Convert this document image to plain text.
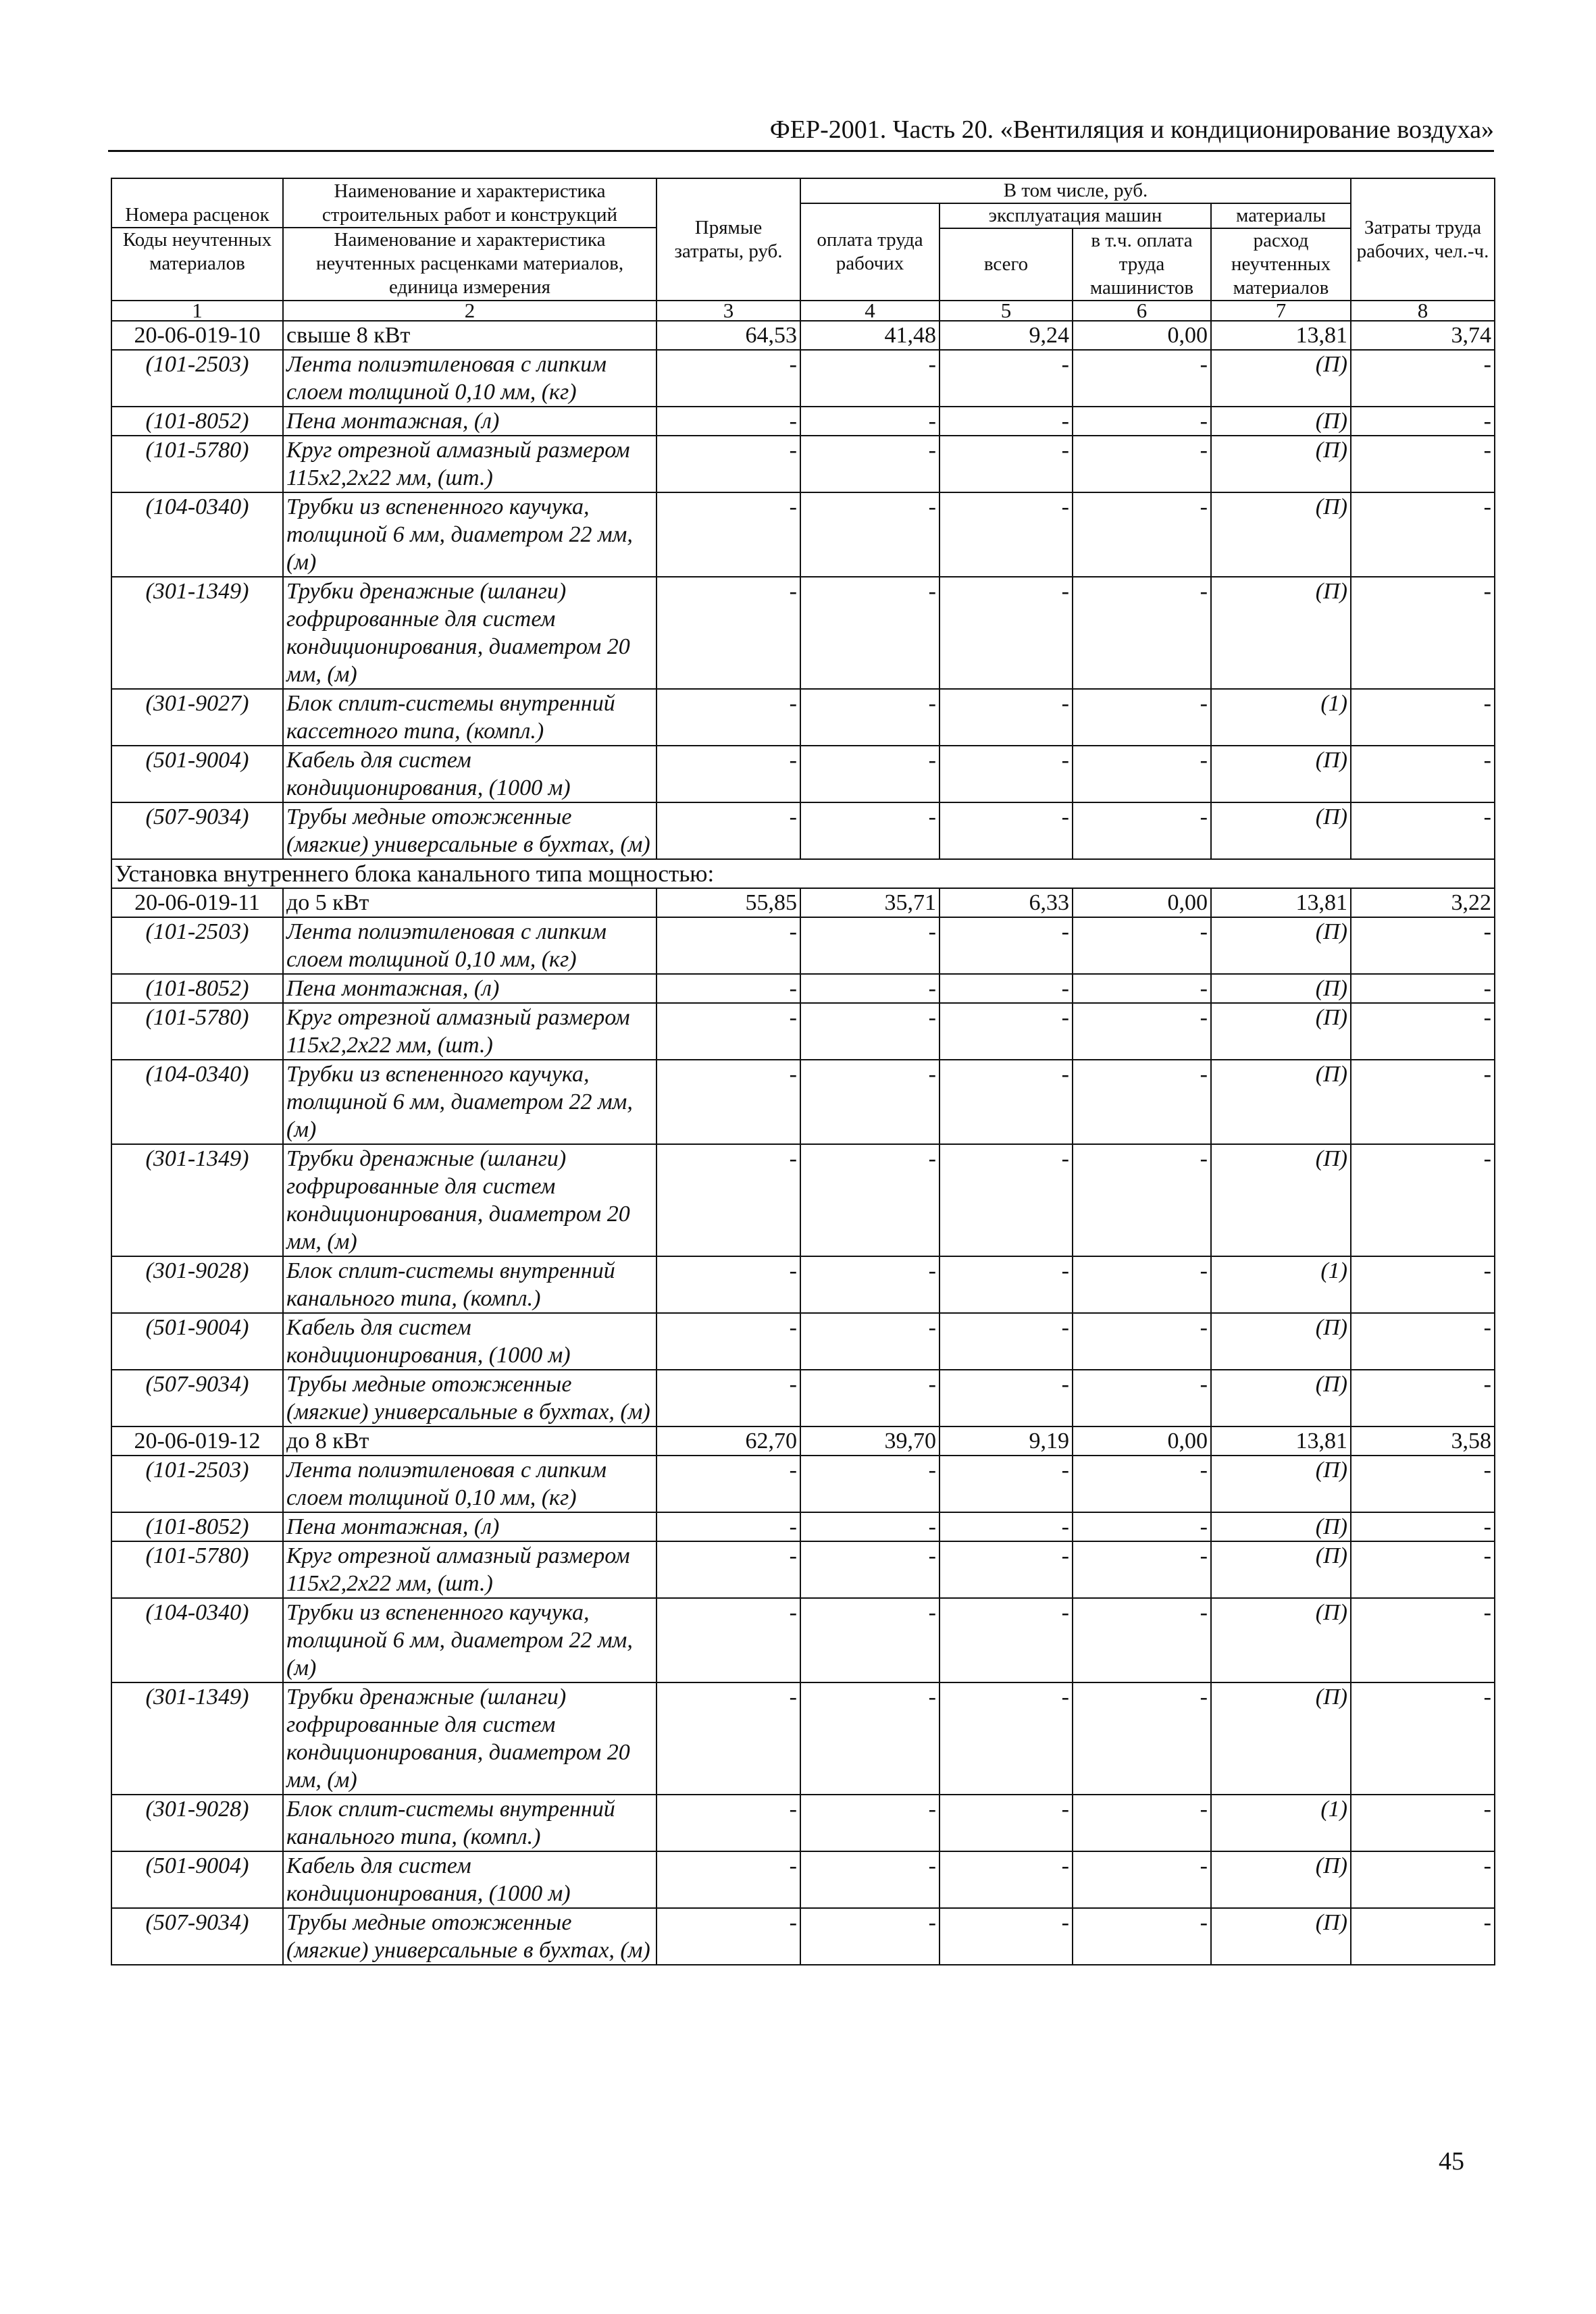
ФЕР-2001. Часть 20. «Вентиляция и кондиционирование воздуха»
Номера расценок
Коды неучтенных материалов	Наименование и характеристика строительных работ и конструкций
Наименование и характеристика неучтенных расценками материалов, единица измерения	Прямые затраты, руб.	В том числе, руб.				Затраты труда рабочих, чел.-ч.
			оплата труда рабочих	эксплуатация машин		материалы	
				всего	в т.ч. оплата труда машинистов	расход неучтенных материалов	
1	2	3	4	5	6	7	8
20-06-019-10	свыше 8 кВт	64,53	41,48	9,24	0,00	13,81	3,74
(101-2503)	Лента полиэтиленовая с липким слоем толщиной 0,10 мм, (кг)	-	-	-	-	(П)	-
(101-8052)	Пена монтажная, (л)	-	-	-	-	(П)	-
(101-5780)	Круг отрезной алмазный размером 115х2,2х22 мм, (шт.)	-	-	-	-	(П)	-
(104-0340)	Трубки из вспененного каучука, толщиной 6 мм, диаметром 22 мм, (м)	-	-	-	-	(П)	-
(301-1349)	Трубки дренажные (шланги) гофрированные для систем кондиционирования, диаметром 20 мм, (м)	-	-	-	-	(П)	-
(301-9027)	Блок сплит-системы внутренний кассетного типа, (компл.)	-	-	-	-	(1)	-
(501-9004)	Кабель для систем кондиционирования, (1000 м)	-	-	-	-	(П)	-
(507-9034)	Трубы медные отожженные (мягкие) универсальные в бухтах, (м)	-	-	-	-	(П)	-
Установка внутреннего блока канального типа мощностью:							
20-06-019-11	до 5 кВт	55,85	35,71	6,33	0,00	13,81	3,22
(101-2503)	Лента полиэтиленовая с липким слоем толщиной 0,10 мм, (кг)	-	-	-	-	(П)	-
(101-8052)	Пена монтажная, (л)	-	-	-	-	(П)	-
(101-5780)	Круг отрезной алмазный размером 115х2,2х22 мм, (шт.)	-	-	-	-	(П)	-
(104-0340)	Трубки из вспененного каучука, толщиной 6 мм, диаметром 22 мм, (м)	-	-	-	-	(П)	-
(301-1349)	Трубки дренажные (шланги) гофрированные для систем кондиционирования, диаметром 20 мм, (м)	-	-	-	-	(П)	-
(301-9028)	Блок сплит-системы внутренний канального типа, (компл.)	-	-	-	-	(1)	-
(501-9004)	Кабель для систем кондиционирования, (1000 м)	-	-	-	-	(П)	-
(507-9034)	Трубы медные отожженные (мягкие) универсальные в бухтах, (м)	-	-	-	-	(П)	-
20-06-019-12	до 8 кВт	62,70	39,70	9,19	0,00	13,81	3,58
(101-2503)	Лента полиэтиленовая с липким слоем толщиной 0,10 мм, (кг)	-	-	-	-	(П)	-
(101-8052)	Пена монтажная, (л)	-	-	-	-	(П)	-
(101-5780)	Круг отрезной алмазный размером 115х2,2х22 мм, (шт.)	-	-	-	-	(П)	-
(104-0340)	Трубки из вспененного каучука, толщиной 6 мм, диаметром 22 мм, (м)	-	-	-	-	(П)	-
(301-1349)	Трубки дренажные (шланги) гофрированные для систем кондиционирования, диаметром 20 мм, (м)	-	-	-	-	(П)	-
(301-9028)	Блок сплит-системы внутренний канального типа, (компл.)	-	-	-	-	(1)	-
(501-9004)	Кабель для систем кондиционирования, (1000 м)	-	-	-	-	(П)	-
(507-9034)	Трубы медные отожженные (мягкие) универсальные в бухтах, (м)	-	-	-	-	(П)	-
45
